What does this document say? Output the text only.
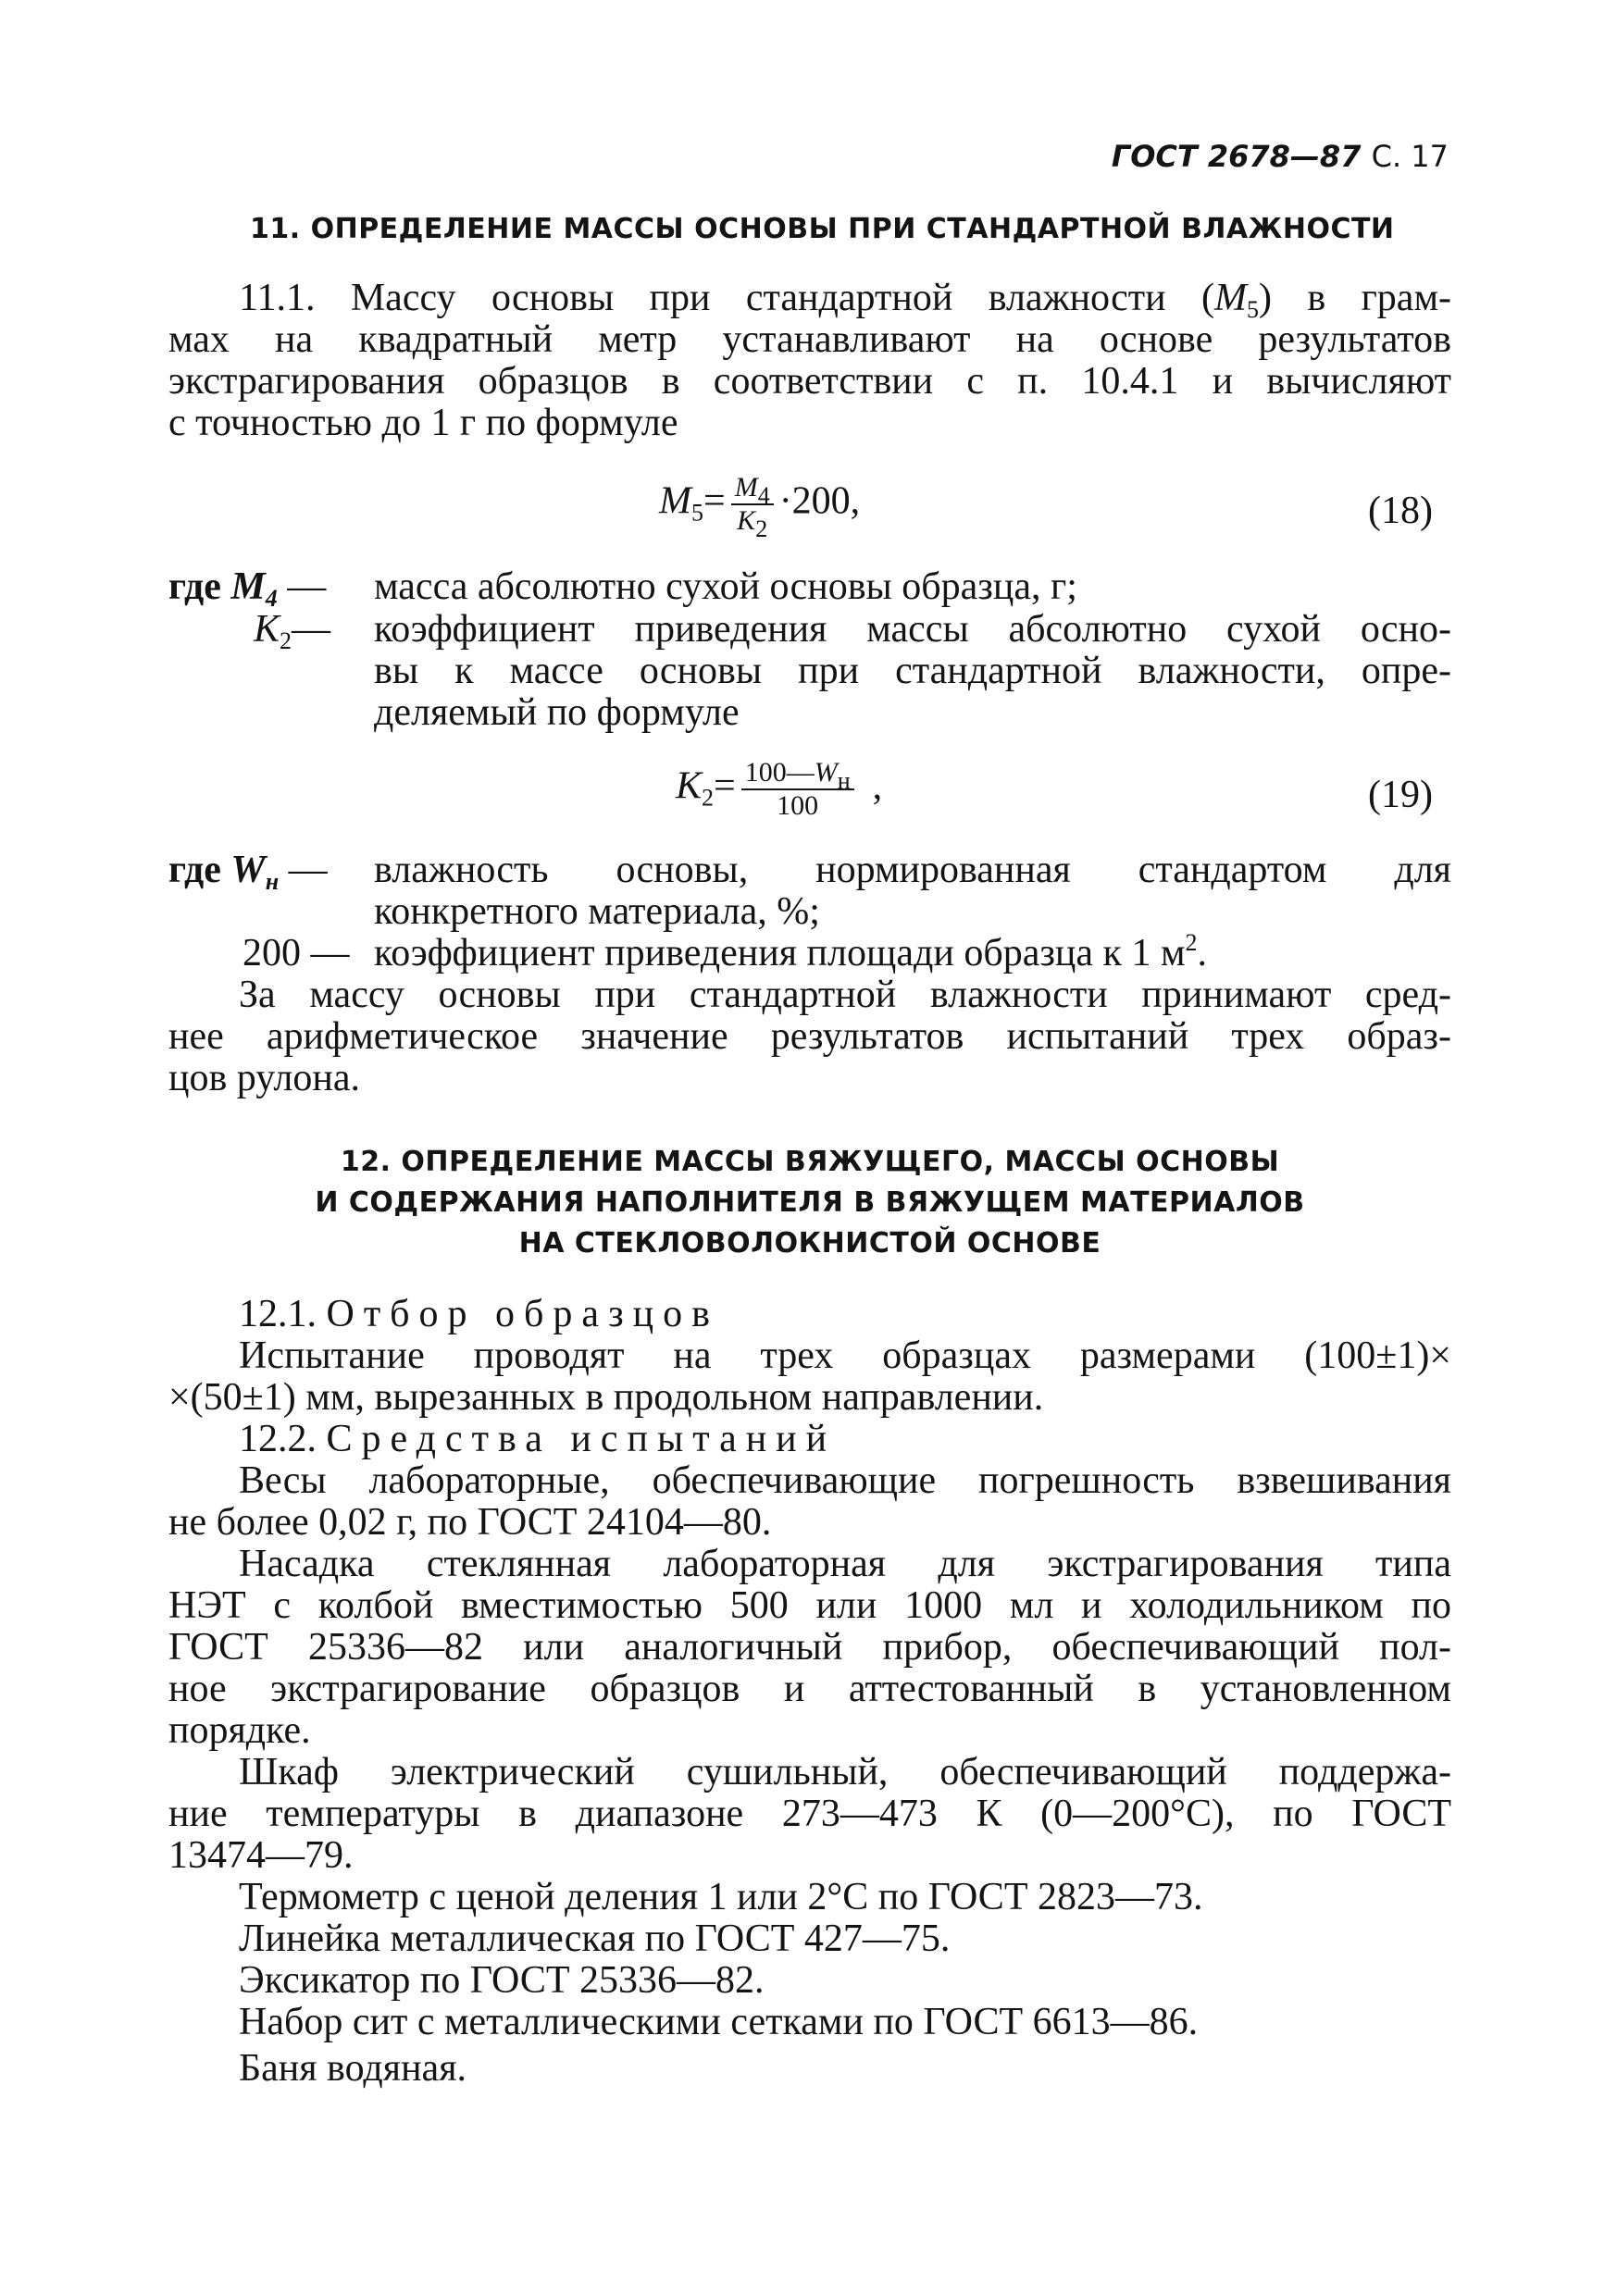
ГОСТ 2678—87 С. 17
11. ОПРЕДЕЛЕНИЕ МАССЫ ОСНОВЫ ПРИ СТАНДАРТНОЙ ВЛАЖНОСТИ
11.1. Массу основы при стандартной влажности $(M_5)$ в грам-
мах на квадратный метр устанавливают на основе результатов
экстрагирования образцов в соответствии с п. 10.4.1 и вычисляют
с точностью до 1 г по формуле
$M_5= \frac{M_4}{K_2} \cdot 200$,	(18)
где $M_4$ — масса абсолютно сухой основы образца, г;
$K_2—$ коэффициент приведения массы абсолютно сухой осно-
вы к массе основы при стандартной влажности, опре-
деляемый по формуле
$K_2= \frac{100—W_н}{100}$ ,	(19)
где $W_н$ — влажность основы, нормированная стандартом для
конкретного материала, %;
200 — коэффициент приведения площади образца к 1 $м^2$.
За массу основы при стандартной влажности принимают сред-
нее арифметическое значение результатов испытаний трех образ-
цов рулона.
12. ОПРЕДЕЛЕНИЕ МАССЫ ВЯЖУЩЕГО, МАССЫ ОСНОВЫ
И СОДЕРЖАНИЯ НАПОЛНИТЕЛЯ В ВЯЖУЩЕМ МАТЕРИАЛОВ
НА СТЕКЛОВОЛОКНИСТОЙ ОСНОВЕ
12.1. Отбор образцов
Испытание проводят на трех образцах размерами (100±1)×
×(50±1) мм, вырезанных в продольном направлении.
12.2. Средства испытаний
Весы лабораторные, обеспечивающие погрешность взвешивания
не более 0,02 г, по ГОСТ 24104—80.
Насадка стеклянная лабораторная для экстрагирования типа
НЭТ с колбой вместимостью 500 или 1000 мл и холодильником по
ГОСТ 25336—82 или аналогичный прибор, обеспечивающий пол-
ное экстрагирование образцов и аттестованный в установленном
порядке.
Шкаф электрический сушильный, обеспечивающий поддержа-
ние температуры в диапазоне 273—473 К (0—200°С), по ГОСТ
13474—79.
Термометр с ценой деления 1 или 2°С по ГОСТ 2823—73.
Линейка металлическая по ГОСТ 427—75.
Эксикатор по ГОСТ 25336—82.
Набор сит с металлическими сетками по ГОСТ 6613—86.
Баня водяная.
